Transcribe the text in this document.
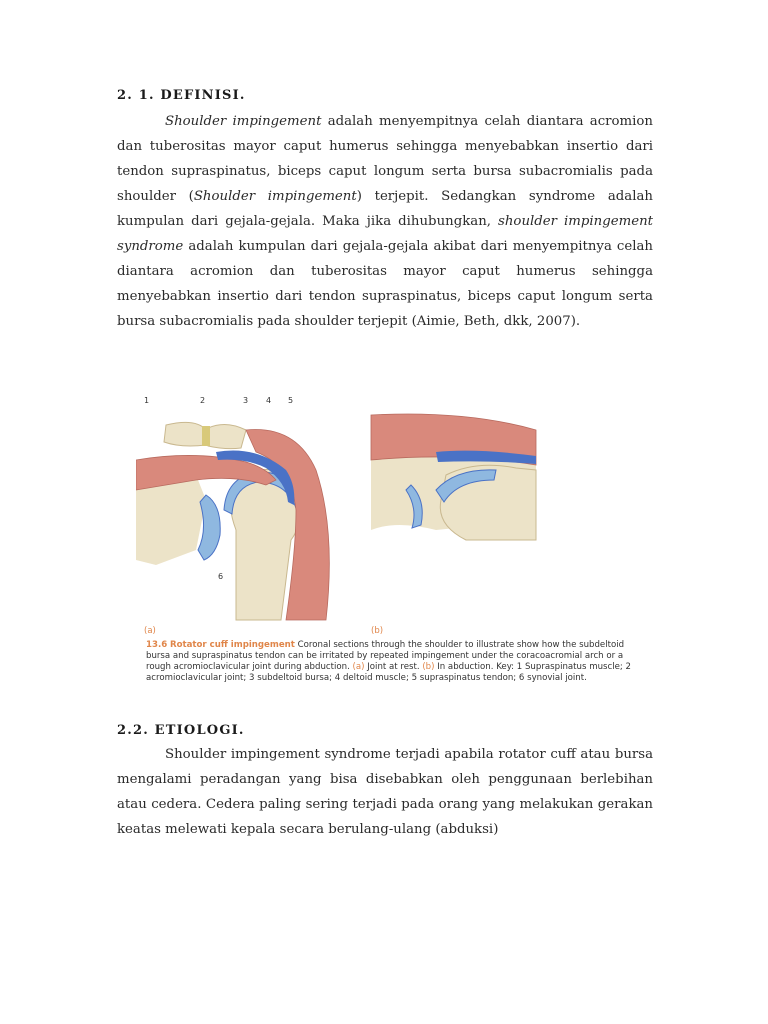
2. 1. DEFINISI.

Shoulder impingement adalah menyempitnya celah diantara acromion dan tuberositas mayor caput humerus sehingga menyebabkan insertio dari tendon supraspinatus, biceps caput longum serta bursa subacromialis pada shoulder (Shoulder impingement) terjepit. Sedangkan syndrome adalah kumpulan dari gejala-gejala. Maka jika dihubungkan, shoulder impingement syndrome adalah kumpulan dari gejala-gejala akibat dari menyempitnya celah diantara acromion dan tuberositas mayor caput humerus sehingga menyebabkan insertio dari tendon supraspinatus, biceps caput longum serta bursa subacromialis pada shoulder terjepit (Aimie, Beth, dkk, 2007).

1	2	3 4 5
6
(a)	(b)
13.6 Rotator cuff impingement Coronal sections through the shoulder to illustrate show how the subdeltoid bursa and supraspinatus tendon can be irritated by repeated impingement under the coracoacromial arch or a rough acromioclavicular joint during abduction. (a) Joint at rest. (b) In abduction. Key: 1 Supraspinatus muscle; 2 acromioclavicular joint; 3 subdeltoid bursa; 4 deltoid muscle; 5 supraspinatus tendon; 6 synovial joint.
2.2. ETIOLOGI.

Shoulder impingement syndrome terjadi apabila rotator cuff atau bursa mengalami peradangan yang bisa disebabkan oleh penggunaan berlebihan atau cedera. Cedera paling sering terjadi pada orang yang melakukan gerakan keatas melewati kepala secara berulang-ulang (abduksi)
